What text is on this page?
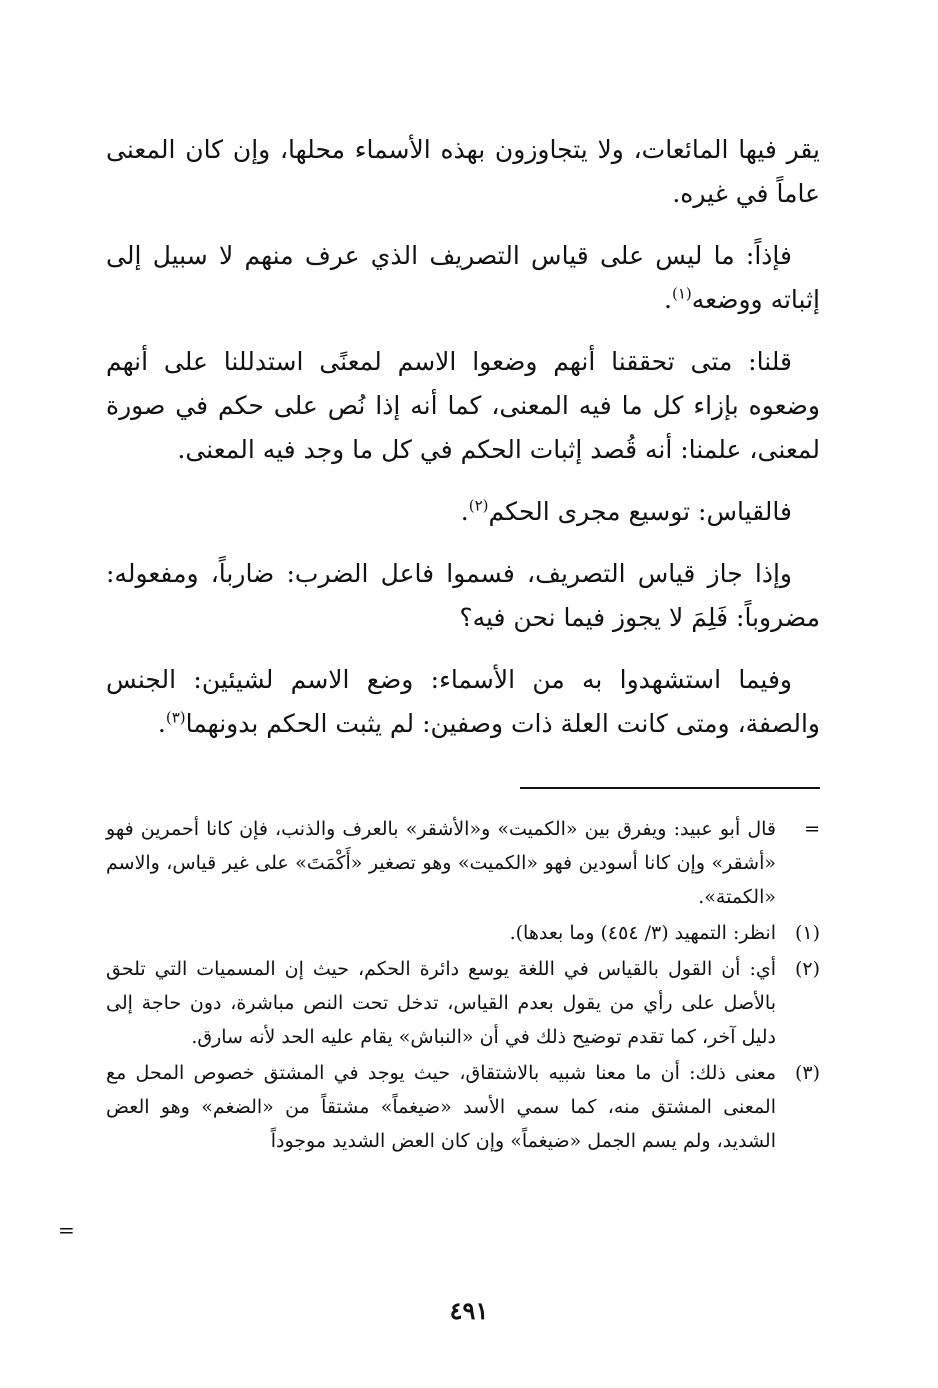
يقر فيها المائعات، ولا يتجاوزون بهذه الأسماء محلها، وإن كان المعنى عاماً في غيره.

فإذاً: ما ليس على قياس التصريف الذي عرف منهم لا سبيل إلى إثباته ووضعه$^{(١)}$.

قلنا: متى تحققنا أنهم وضعوا الاسم لمعنًى استدللنا على أنهم وضعوه بإزاء كل ما فيه المعنى، كما أنه إذا نُص على حكم في صورة لمعنى، علمنا: أنه قُصد إثبات الحكم في كل ما وجد فيه المعنى.

فالقياس: توسيع مجرى الحكم$^{(٢)}$.

وإذا جاز قياس التصريف، فسموا فاعل الضرب: ضارباً، ومفعوله: مضروباً: فَلِمَ لا يجوز فيما نحن فيه؟

وفيما استشهدوا به من الأسماء: وضع الاسم لشيئين: الجنس والصفة، ومتى كانت العلة ذات وصفين: لم يثبت الحكم بدونهما$^{(٣)}$.

=
قال أبو عبيد: ويفرق بين «الكميت» و«الأشقر» بالعرف والذنب، فإن كانا أحمرين فهو «أشقر» وإن كانا أسودين فهو «الكميت» وهو تصغير «أَكْمَتَ» على غير قياس، والاسم «الكمتة».
(١)
انظر: التمهيد (٣/ ٤٥٤) وما بعدها).
(٢)
أي: أن القول بالقياس في اللغة يوسع دائرة الحكم، حيث إن المسميات التي تلحق بالأصل على رأي من يقول بعدم القياس، تدخل تحت النص مباشرة، دون حاجة إلى دليل آخر، كما تقدم توضيح ذلك في أن «النباش» يقام عليه الحد لأنه سارق.
(٣)
معنى ذلك: أن ما معنا شبيه بالاشتقاق، حيث يوجد في المشتق خصوص المحل مع المعنى المشتق منه، كما سمي الأسد «ضيغماً» مشتقاً من «الضغم» وهو العض الشديد، ولم يسم الجمل «ضيغماً» وإن كان العض الشديد موجوداً
=
٤٩١
